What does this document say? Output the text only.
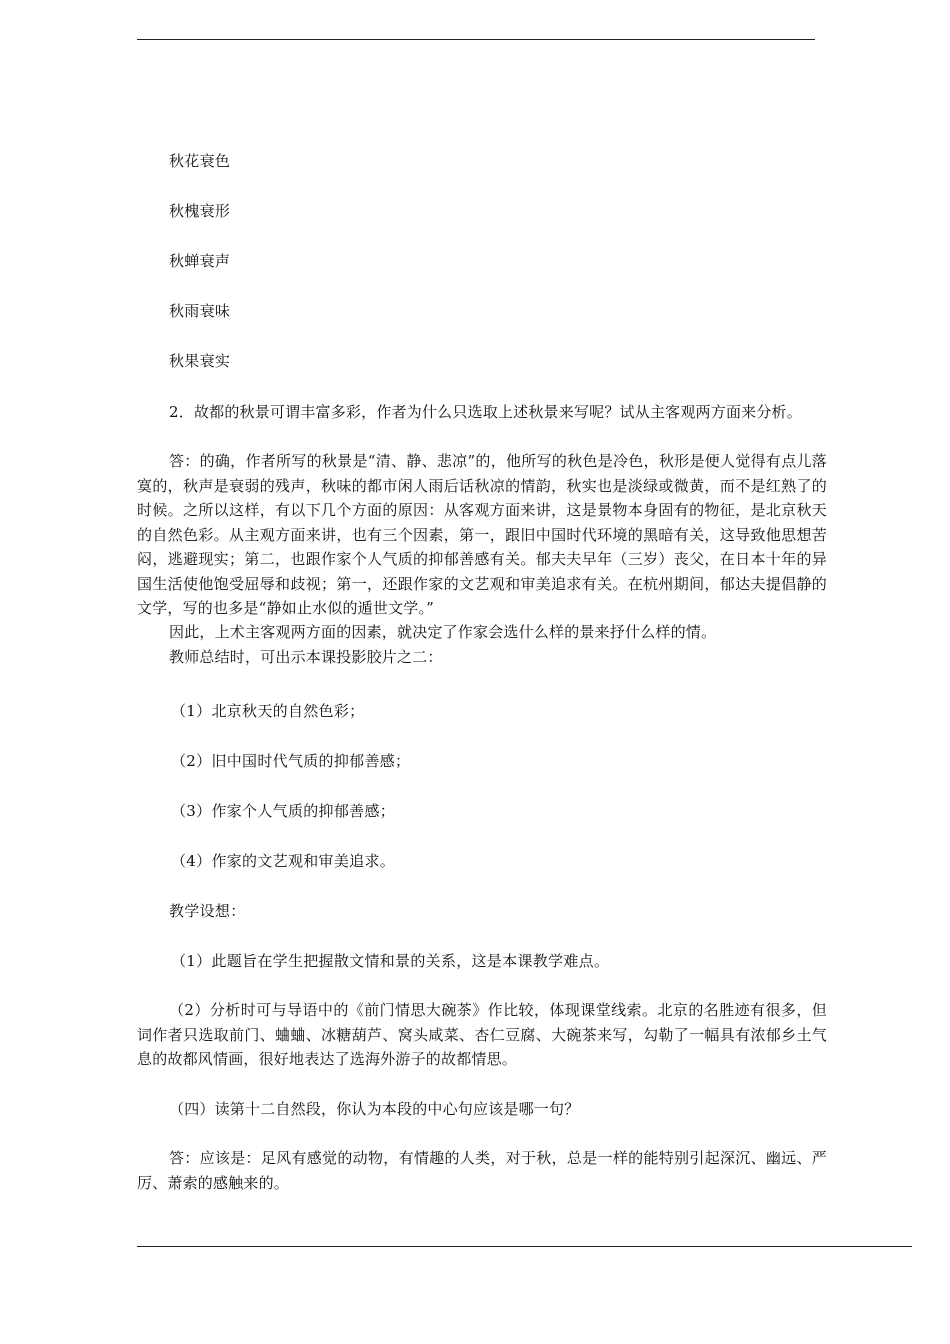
秋花衰色
秋槐衰形
秋蝉衰声
秋雨衰味
秋果衰实
2．故都的秋景可谓丰富多彩，作者为什么只选取上述秋景来写呢？试从主客观两方面来分析。
答：的确，作者所写的秋景是“清、静、悲凉”的，他所写的秋色是冷色，秋形是便人觉得有点儿落寞的，秋声是衰弱的残声，秋味的都市闲人雨后话秋凉的情韵，秋实也是淡绿或微黄，而不是红熟了的时候。之所以这样，有以下几个方面的原因：从客观方面来讲，这是景物本身固有的物征，是北京秋天的自然色彩。从主观方面来讲，也有三个因素，第一，跟旧中国时代环境的黑暗有关，这导致他思想苦闷，逃避现实；第二，也跟作家个人气质的抑郁善感有关。郁夫夫早年（三岁）丧父，在日本十年的异国生活使他饱受屈辱和歧视；第一，还跟作家的文艺观和审美追求有关。在杭州期间，郁达夫提倡静的文学，写的也多是“静如止水似的遁世文学。”
因此，上术主客观两方面的因素，就决定了作家会选什么样的景来抒什么样的情。
教师总结时，可出示本课投影胶片之二：
（1）北京秋天的自然色彩；
（2）旧中国时代气质的抑郁善感；
（3）作家个人气质的抑郁善感；
（4）作家的文艺观和审美追求。
教学设想：
（1）此题旨在学生把握散文情和景的关系，这是本课教学难点。
（2）分析时可与导语中的《前门情思大碗茶》作比较，体现课堂线索。北京的名胜迹有很多，但词作者只选取前门、蛐蛐、冰糖葫芦、窝头咸菜、杏仁豆腐、大碗茶来写，勾勒了一幅具有浓郁乡土气息的故都风情画，很好地表达了选海外游子的故都情思。
（四）读第十二自然段，你认为本段的中心句应该是哪一句？
答：应该是：足风有感觉的动物，有情趣的人类，对于秋，总是一样的能特别引起深沉、幽远、严厉、萧索的感触来的。
